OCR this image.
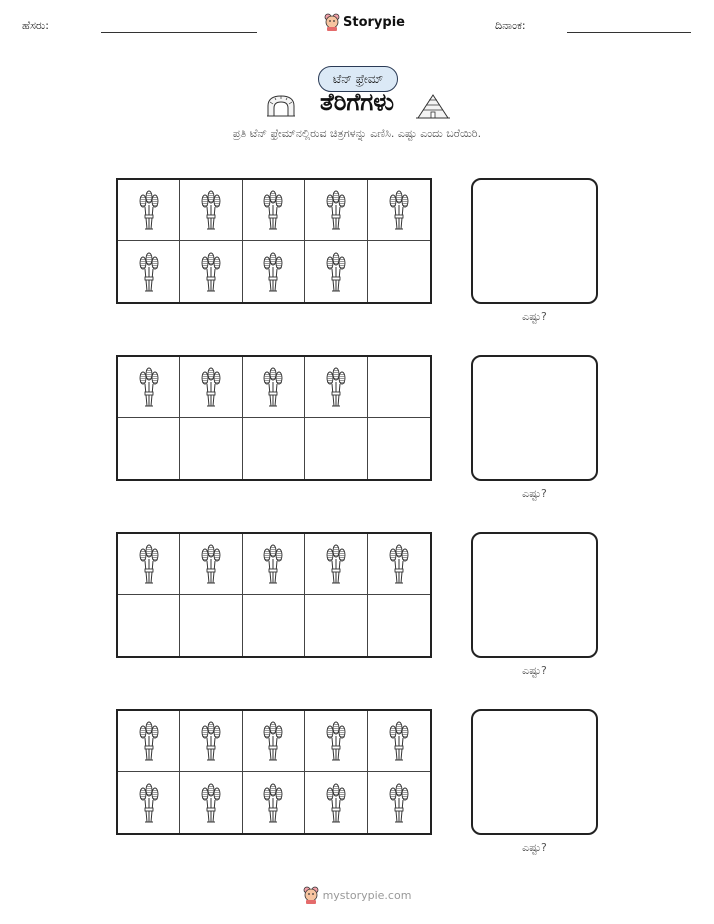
ಹೆಸರು:	Storypie	ದಿನಾಂಕ:
ಟೆನ್ ಫ್ರೇಮ್
ತೆರಿಗೆಗಳು
ಪ್ರತಿ ಟೆನ್ ಫ್ರೇಮ್‌ನಲ್ಲಿರುವ ಚಿತ್ರಗಳನ್ನು ಎಣಿಸಿ. ಎಷ್ಟು ಎಂದು ಬರೆಯಿರಿ.
ಎಷ್ಟು?
ಎಷ್ಟು?
ಎಷ್ಟು?
ಎಷ್ಟು?
mystorypie.com
